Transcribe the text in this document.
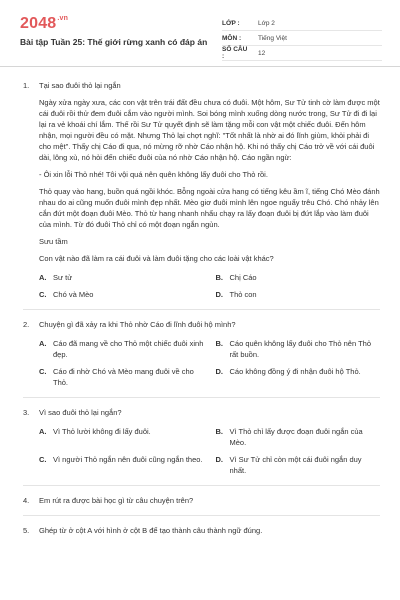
$2048^{.vn}$
Bài tập Tuần 25: Thế giới rừng xanh có đáp án
LỚP :	Lớp 2
MÔN :	Tiếng Việt
SỐ CÂU :	12
1.	Tại sao đuôi thỏ lại ngắn
Ngày xửa ngày xưa, các con vật trên trái đất đều chưa có đuôi. Một hôm, Sư Tử tinh cờ làm được một cái đuôi rồi thử đem đuôi cắm vào người mình. Soi bóng mình xuống dòng nước trong, Sư Tử đi đi lại lại ra vẻ khoái chí lắm. Thế rồi Sư Tử quyết định sẽ làm tặng mỗi con vật một chiếc đuôi. Đến hôm nhận, mọi người đều có mặt. Nhưng Thỏ lại chợt nghĩ: "Tốt nhất là nhờ ai đó lĩnh giùm, khỏi phải đi cho mệt". Thấy chị Cáo đi qua, nó mừng rỡ nhờ Cáo nhận hộ. Khi nó thấy chị Cáo trở về với cái đuôi dài, lông xù, nó hỏi đến chiếc đuôi của nó nhờ Cáo nhận hộ. Cáo ngần ngừ:
- Ôi xin lỗi Thỏ nhé! Tôi vội quá nên quên không lấy đuôi cho Thỏ rồi.
Thỏ quay vào hang, buồn quá ngồi khóc. Bỗng ngoài cửa hang có tiếng kêu ầm ĩ, tiếng Chó Mèo đánh nhau do ai cũng muốn đuôi mình đẹp nhất. Mèo giơ đuôi mình lên ngoe nguẩy trêu Chó. Chó nhảy lên cắn đứt một đoạn đuôi Mèo. Thỏ từ hang nhanh nhẩu chạy ra lấy đoạn đuôi bị đứt lắp vào làm đuôi của mình. Từ đó đuôi Thỏ chỉ có một đoạn ngắn ngủn.
Sưu tầm
Con vật nào đã làm ra cái đuôi và làm đuôi tặng cho các loài vật khác?
A. Sư tử	B. Chị Cáo
C. Chó và Mèo	D. Thỏ con
2.	Chuyện gì đã xảy ra khi Thỏ nhờ Cáo đi lĩnh đuôi hộ mình?
A. Cáo đã mang về cho Thỏ một chiếc đuôi xinh đẹp.
B. Cáo quên không lấy đuôi cho Thỏ nên Thỏ rất buồn.
C. Cáo đi nhờ Chó và Mèo mang đuôi về cho Thỏ.
D. Cáo không đồng ý đi nhận đuôi hộ Thỏ.
3.	Vì sao đuôi thỏ lại ngắn?
A. Vì Thỏ lười không đi lấy đuôi.	B. Vì Thỏ chỉ lấy được đoạn đuôi ngắn của Mèo.
C. Vì người Thỏ ngắn nên đuôi cũng ngắn theo. D. Vì Sư Tử chỉ còn một cái đuôi ngắn duy nhất.
4.	Em rút ra được bài học gì từ câu chuyện trên?
5.	Ghép từ ở cột A với hình ở cột B để tạo thành câu thành ngữ đúng.
